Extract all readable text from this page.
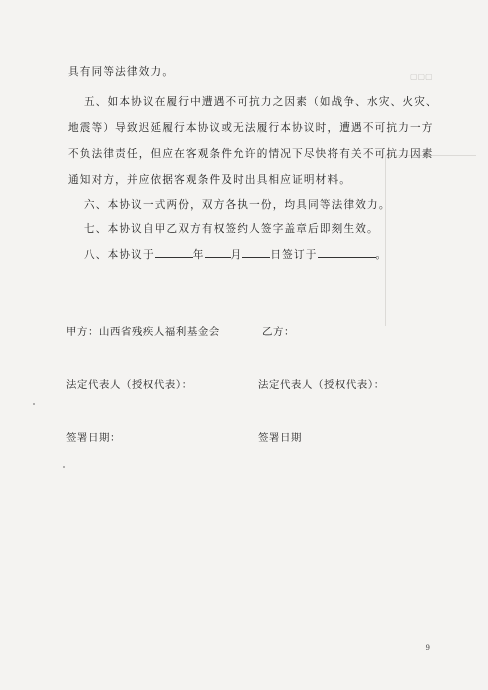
▢▢▢
具有同等法律效力。
五、如本协议在履行中遭遇不可抗力之因素（如战争、水灾、火灾、
地震等）导致迟延履行本协议或无法履行本协议时，遭遇不可抗力一方
不负法律责任，但应在客观条件允许的情况下尽快将有关不可抗力因素
通知对方，并应依据客观条件及时出具相应证明材料。
六、本协议一式两份，双方各执一份，均具同等法律效力。
七、本协议自甲乙双方有权签约人签字盖章后即刻生效。
八、本协议于	年 月	日签订于	。
甲方：山西省残疾人福利基金会	乙方：
法定代表人（授权代表）：	法定代表人（授权代表）：
签署日期：	签署日期
9
